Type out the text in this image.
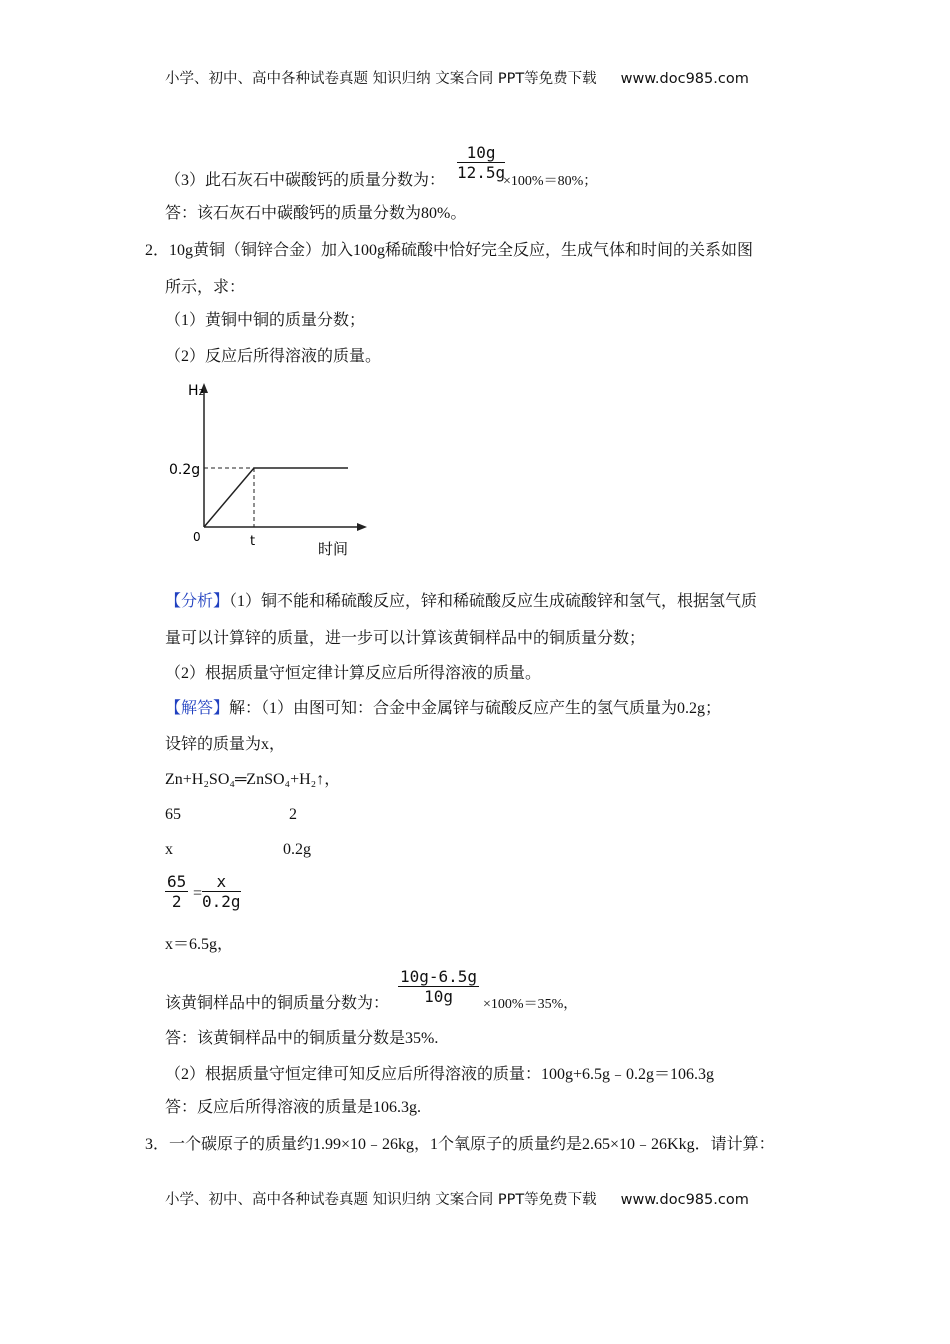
小学、初中、高中各种试卷真题 知识归纳 文案合同 PPT等免费下载 www.doc985.com
$\frac{10g}{12.5g}$
（3）此石灰石中碳酸钙的质量分数为：	×100%＝80%；
答：该石灰石中碳酸钙的质量分数为80%。
2．10g黄铜（铜锌合金）加入100g稀硫酸中恰好完全反应，生成气体和时间的关系如图
所示，求：
（1）黄铜中铜的质量分数；
（2）反应后所得溶液的质量。
H₂
0.2g
0	t	时间
【分析】（1）铜不能和稀硫酸反应，锌和稀硫酸反应生成硫酸锌和氢气，根据氢气质
量可以计算锌的质量，进一步可以计算该黄铜样品中的铜质量分数；
（2）根据质量守恒定律计算反应后所得溶液的质量。
【解答】解：（1）由图可知：合金中金属锌与硫酸反应产生的氢气质量为0.2g；
设锌的质量为x，
Zn+H₂SO₄═ZnSO₄+H₂↑，
65	2
x	0.2g
$\frac{65}{2} = \frac{x}{0.2g}$
x＝6.5g，
$\frac{10g-6.5g}{10g}$
该黄铜样品中的铜质量分数为：	×100%＝35%，
答：该黄铜样品中的铜质量分数是35%.
（2）根据质量守恒定律可知反应后所得溶液的质量：100g+6.5g﹣0.2g＝106.3g
答：反应后所得溶液的质量是106.3g.
3．一个碳原子的质量约1.99×10﹣26kg，1个氧原子的质量约是2.65×10﹣26Kkg．请计算：
小学、初中、高中各种试卷真题 知识归纳 文案合同 PPT等免费下载 www.doc985.com
